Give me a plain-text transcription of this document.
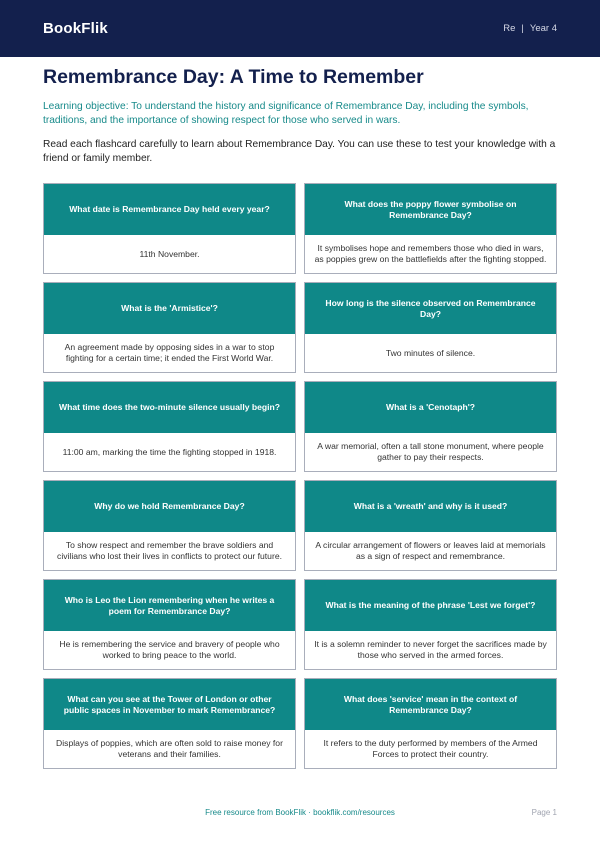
BookFlik	Re | Year 4
Remembrance Day: A Time to Remember

Learning objective: To understand the history and significance of Remembrance Day, including the symbols, traditions, and the importance of showing respect for those who served in wars.

Read each flashcard carefully to learn about Remembrance Day. You can use these to test your knowledge with a friend or family member.

What date is Remembrance Day held every year?
11th November.
What does the poppy flower symbolise on Remembrance Day?
It symbolises hope and remembers those who died in wars, as poppies grew on the battlefields after the fighting stopped.
What is the 'Armistice'?
An agreement made by opposing sides in a war to stop fighting for a certain time; it ended the First World War.
How long is the silence observed on Remembrance Day?
Two minutes of silence.
What time does the two-minute silence usually begin?
11:00 am, marking the time the fighting stopped in 1918.
What is a 'Cenotaph'?
A war memorial, often a tall stone monument, where people gather to pay their respects.
Why do we hold Remembrance Day?
To show respect and remember the brave soldiers and civilians who lost their lives in conflicts to protect our future.
What is a 'wreath' and why is it used?
A circular arrangement of flowers or leaves laid at memorials as a sign of respect and remembrance.
Who is Leo the Lion remembering when he writes a poem for Remembrance Day?
He is remembering the service and bravery of people who worked to bring peace to the world.
What is the meaning of the phrase 'Lest we forget'?
It is a solemn reminder to never forget the sacrifices made by those who served in the armed forces.
What can you see at the Tower of London or other public spaces in November to mark Remembrance?
Displays of poppies, which are often sold to raise money for veterans and their families.
What does 'service' mean in the context of Remembrance Day?
It refers to the duty performed by members of the Armed Forces to protect their country.
Free resource from BookFlik · bookflik.com/resources	Page 1
